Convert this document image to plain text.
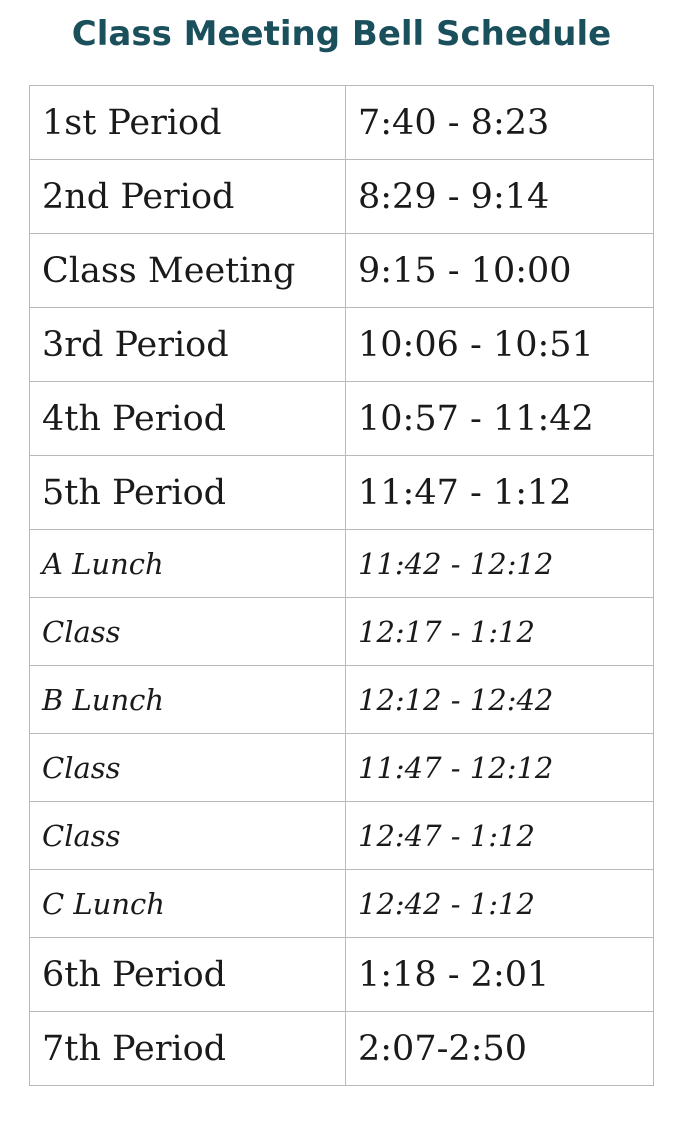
Class Meeting Bell Schedule
1st Period	7:40 - 8:23
2nd Period	8:29 - 9:14
Class Meeting	9:15 - 10:00
3rd Period	10:06 - 10:51
4th Period	10:57 - 11:42
5th Period	11:47 - 1:12
A Lunch	11:42 - 12:12
Class	12:17 - 1:12
B Lunch	12:12 - 12:42
Class	11:47 - 12:12
Class	12:47 - 1:12
C Lunch	12:42 - 1:12
6th Period	1:18 - 2:01
7th Period	2:07-2:50
